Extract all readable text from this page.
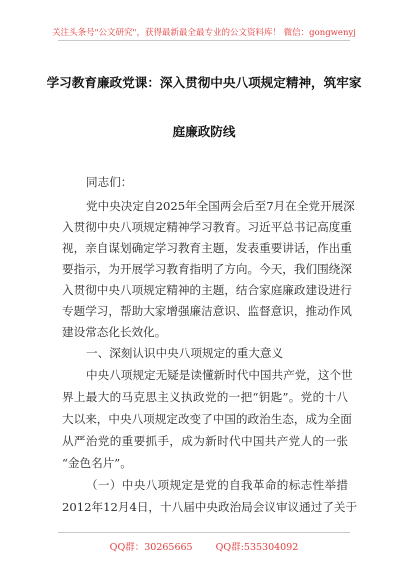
关注头条号"公文研究"，获得最新最全最专业的公文资料库！ 微信：gongwenyj
学习教育廉政党课：深入贯彻中央八项规定精神，筑牢家
庭廉政防线
同志们：
党中央决定自2025年全国两会后至7月在全党开展深
入贯彻中央八项规定精神学习教育。习近平总书记高度重
视，亲自谋划确定学习教育主题，发表重要讲话，作出重
要指示，为开展学习教育指明了方向。今天，我们围绕深
入贯彻中央八项规定精神的主题，结合家庭廉政建设进行
专题学习，帮助大家增强廉洁意识、监督意识，推动作风
建设常态化长效化。
一、深刻认识中央八项规定的重大意义
中央八项规定无疑是读懂新时代中国共产党，这个世
界上最大的马克思主义执政党的一把“钥匙”。党的十八
大以来，中央八项规定改变了中国的政治生态，成为全面
从严治党的重要抓手，成为新时代中国共产党人的一张
“金色名片”。
（一）中央八项规定是党的自我革命的标志性举措
2012年12月4日，十八届中央政治局会议审议通过了关于
QQ群：30265665 QQ群:535304092
